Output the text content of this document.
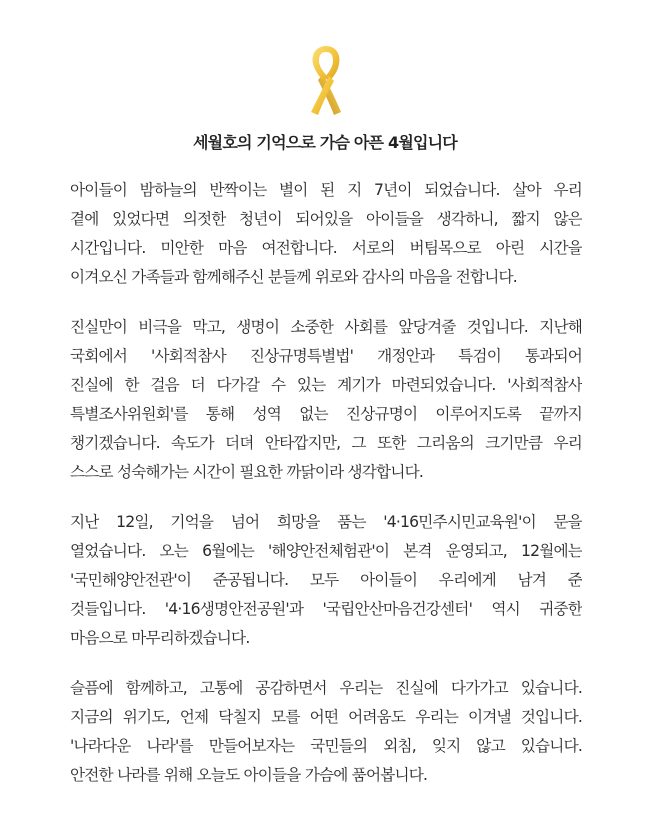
세월호의 기억으로 가슴 아픈 4월입니다
아이들이 밤하늘의 반짝이는 별이 된 지 7년이 되었습니다. 살아 우리
곁에 있었다면 의젓한 청년이 되어있을 아이들을 생각하니, 짧지 않은
시간입니다. 미안한 마음 여전합니다. 서로의 버팀목으로 아린 시간을
이겨오신 가족들과 함께해주신 분들께 위로와 감사의 마음을 전합니다.
진실만이 비극을 막고, 생명이 소중한 사회를 앞당겨줄 것입니다. 지난해
국회에서 '사회적참사 진상규명특별법' 개정안과 특검이 통과되어
진실에 한 걸음 더 다가갈 수 있는 계기가 마련되었습니다. '사회적참사
특별조사위원회'를 통해 성역 없는 진상규명이 이루어지도록 끝까지
챙기겠습니다. 속도가 더뎌 안타깝지만, 그 또한 그리움의 크기만큼 우리
스스로 성숙해가는 시간이 필요한 까닭이라 생각합니다.
지난 12일, 기억을 넘어 희망을 품는 '4·16민주시민교육원'이 문을
열었습니다. 오는 6월에는 '해양안전체험관'이 본격 운영되고, 12월에는
'국민해양안전관'이 준공됩니다. 모두 아이들이 우리에게 남겨 준
것들입니다. '4·16생명안전공원'과 '국립안산마음건강센터' 역시 귀중한
마음으로 마무리하겠습니다.
슬픔에 함께하고, 고통에 공감하면서 우리는 진실에 다가가고 있습니다.
지금의 위기도, 언제 닥칠지 모를 어떤 어려움도 우리는 이겨낼 것입니다.
'나라다운 나라'를 만들어보자는 국민들의 외침, 잊지 않고 있습니다.
안전한 나라를 위해 오늘도 아이들을 가슴에 품어봅니다.
